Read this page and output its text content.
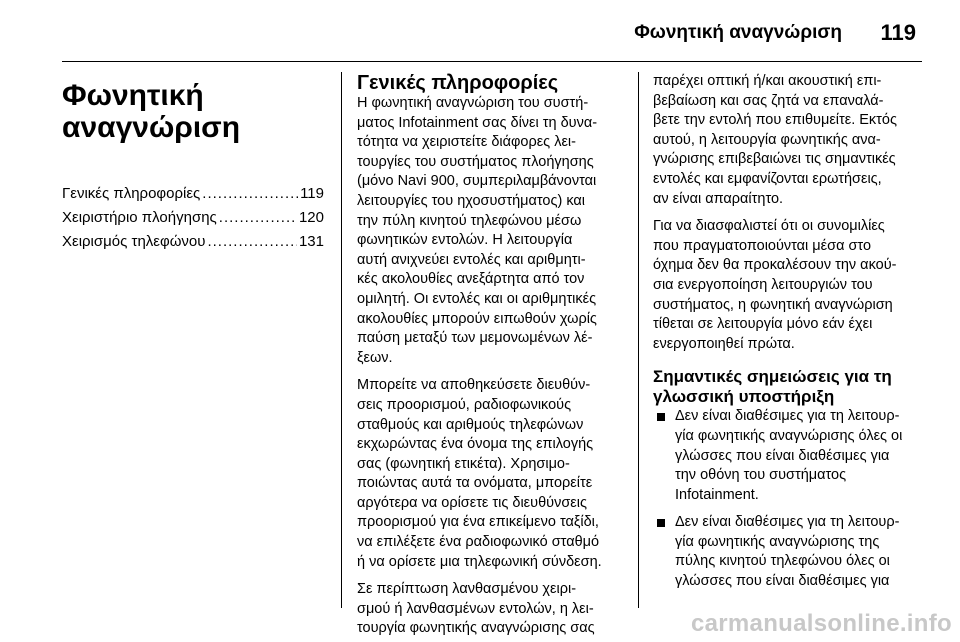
Φωνητική αναγνώριση 119
Φωνητική
αναγνώριση
Γενικές πληροφορίες .....	119
Χειριστήριο πλοήγησης .....	120
Χειρισμός τηλεφώνου .....	131
Γενικές πληροφορίες

Η φωνητική αναγνώριση του συστή-
ματος Infotainment σας δίνει τη δυνα-
τότητα να χειριστείτε διάφορες λει-
τουργίες του συστήματος πλοήγησης
(μόνο Navi 900, συμπεριλαμβάνονται
λειτουργίες του ηχοσυστήματος) και
την πύλη κινητού τηλεφώνου μέσω
φωνητικών εντολών. Η λειτουργία
αυτή ανιχνεύει εντολές και αριθμητι-
κές ακολουθίες ανεξάρτητα από τον
ομιλητή. Οι εντολές και οι αριθμητικές
ακολουθίες μπορούν ειπωθούν χωρίς
παύση μεταξύ των μεμονωμένων λέ-
ξεων.

Μπορείτε να αποθηκεύσετε διευθύν-
σεις προορισμού, ραδιοφωνικούς
σταθμούς και αριθμούς τηλεφώνων
εκχωρώντας ένα όνομα της επιλογής
σας (φωνητική ετικέτα). Χρησιμο-
ποιώντας αυτά τα ονόματα, μπορείτε
αργότερα να ορίσετε τις διευθύνσεις
προορισμού για ένα επικείμενο ταξίδι,
να επιλέξετε ένα ραδιοφωνικό σταθμό
ή να ορίσετε μια τηλεφωνική σύνδεση.

Σε περίπτωση λανθασμένου χειρι-
σμού ή λανθασμένων εντολών, η λει-
τουργία φωνητικής αναγνώρισης σας

παρέχει οπτική ή/και ακουστική επι-
βεβαίωση και σας ζητά να επαναλά-
βετε την εντολή που επιθυμείτε. Εκτός
αυτού, η λειτουργία φωνητικής ανα-
γνώρισης επιβεβαιώνει τις σημαντικές
εντολές και εμφανίζονται ερωτήσεις,
αν είναι απαραίτητο.

Για να διασφαλιστεί ότι οι συνομιλίες
που πραγματοποιούνται μέσα στο
όχημα δεν θα προκαλέσουν την ακού-
σια ενεργοποίηση λειτουργιών του
συστήματος, η φωνητική αναγνώριση
τίθεται σε λειτουργία μόνο εάν έχει
ενεργοποιηθεί πρώτα.

Σημαντικές σημειώσεις για τη
γλωσσική υποστήριξη
Δεν είναι διαθέσιμες για τη λειτουρ-
γία φωνητικής αναγνώρισης όλες οι
γλώσσες που είναι διαθέσιμες για
την οθόνη του συστήματος
Infotainment.
Δεν είναι διαθέσιμες για τη λειτουρ-
γία φωνητικής αναγνώρισης της
πύλης κινητού τηλεφώνου όλες οι
γλώσσες που είναι διαθέσιμες για
carmanualsonline.info
